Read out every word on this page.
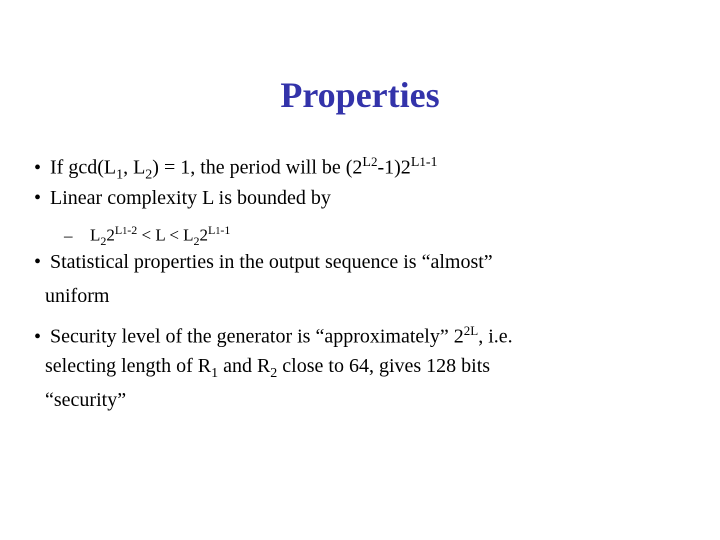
Properties
• If $\gcd(L_1$, $L_2) = 1$, the period will be $(2^{L2}-1)2^{L1-1}$
• Linear complexity L is bounded by
– $L_22^{L1-2} < L < L_22^{L1-1}$
• Statistical properties in the output sequence is “almost”
uniform
• Security level of the generator is “approximately” $2^{2L}$, i.e.
selecting length of $R_1$ and $R_2$ close to 64, gives 128 bits
“security”
